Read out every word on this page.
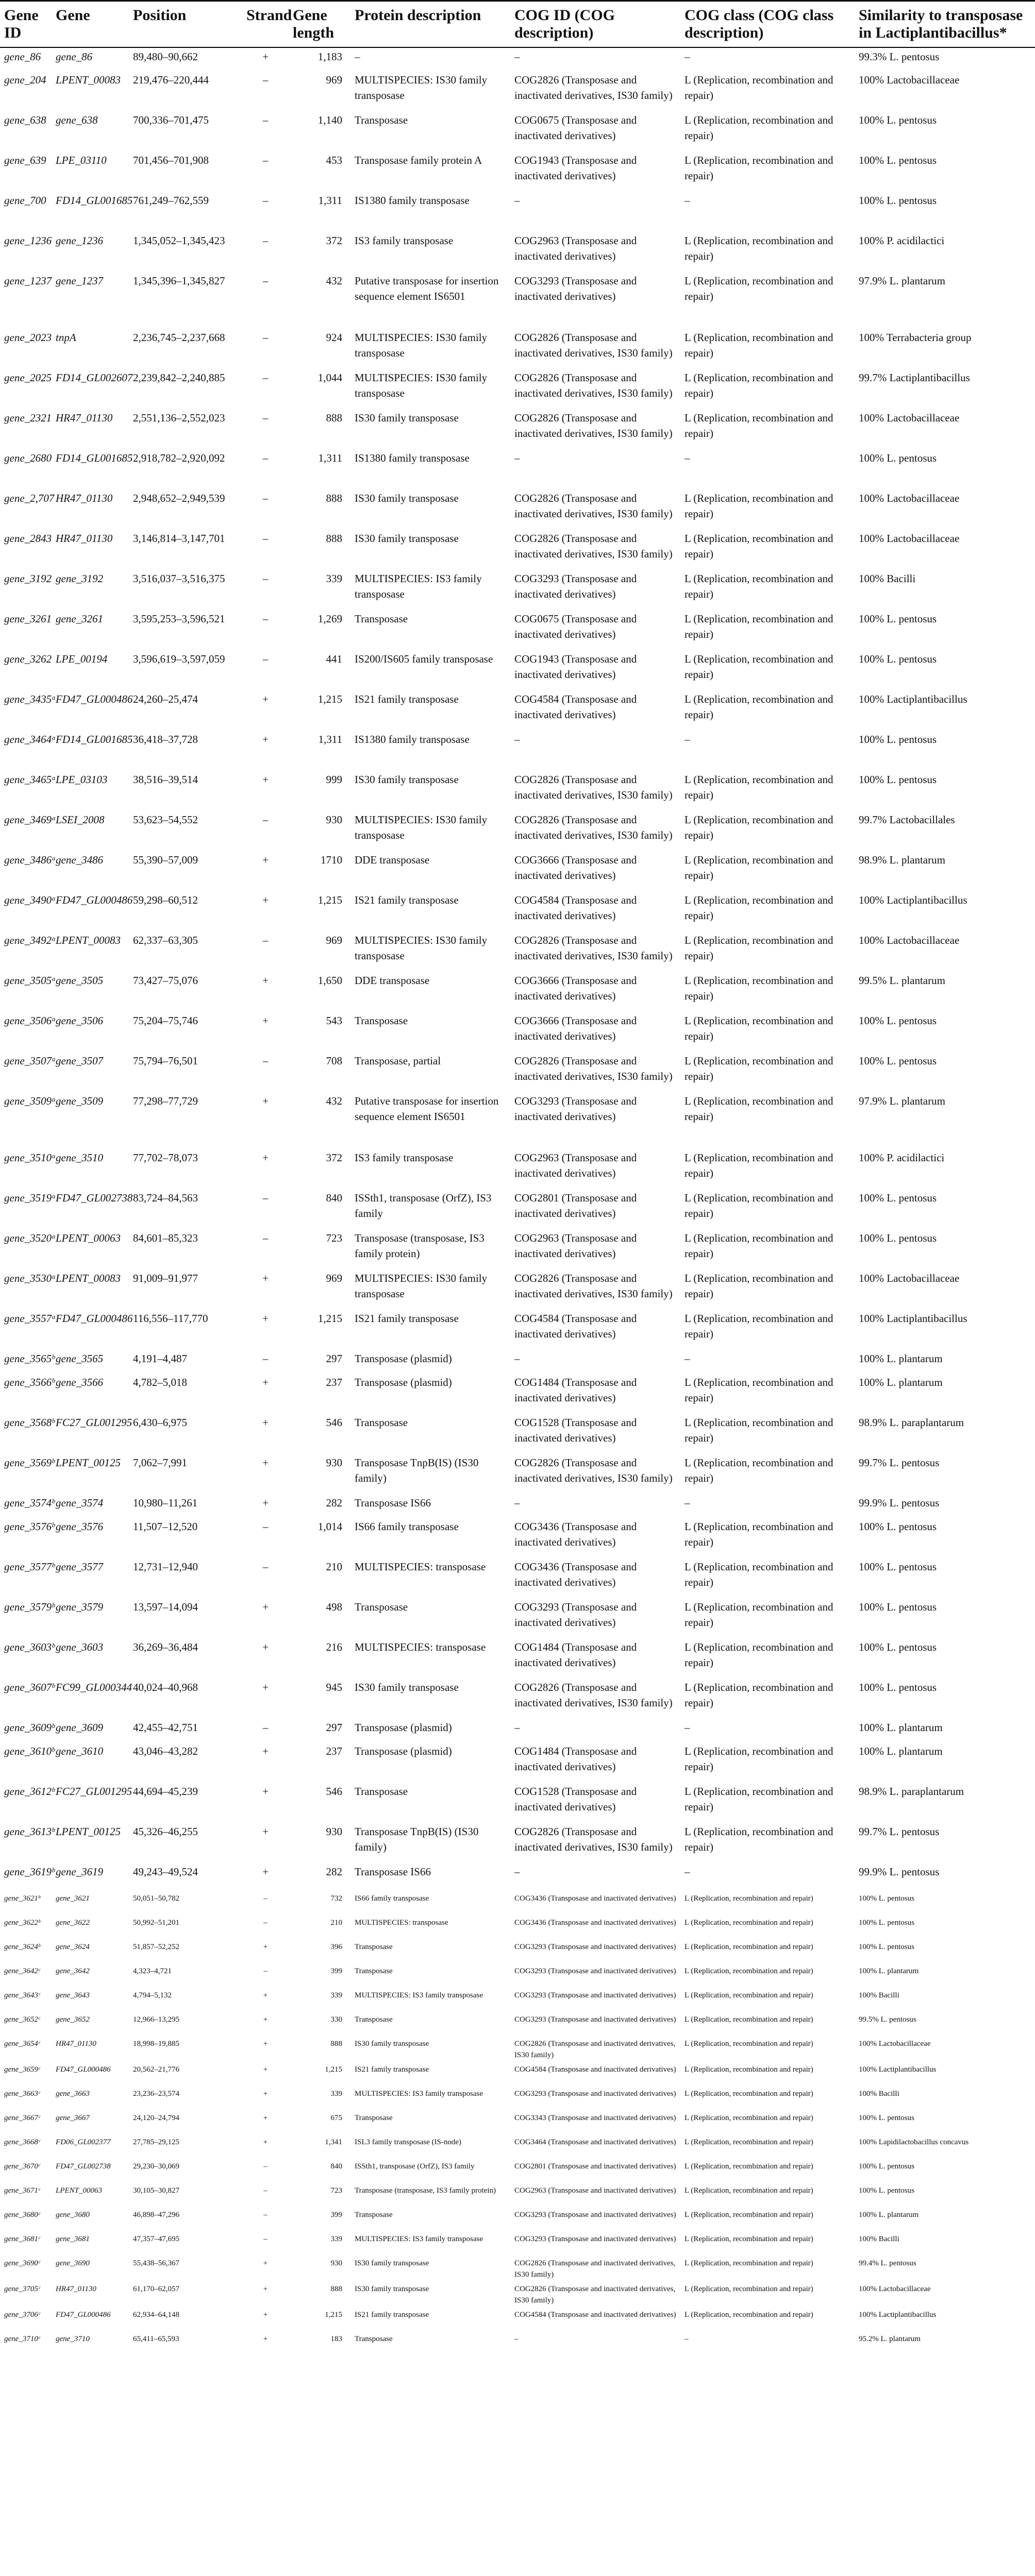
Gene ID	Gene	Position	Strand	Gene length	Protein description	COG ID (COG description)	COG class (COG class description)	Similarity to transposase in Lactiplantibacillus*
gene_86	gene_86	89,480–90,662	+	1,183	–	–	–	99.3% L. pentosus
gene_204	LPENT_00083	219,476–220,444	–	969	MULTISPECIES: IS30 family transposase	COG2826 (Transposase and inactivated derivatives, IS30 family)	L (Replication, recombination and repair)	100% Lactobacillaceae
gene_638	gene_638	700,336–701,475	–	1,140	Transposase	COG0675 (Transposase and inactivated derivatives)	L (Replication, recombination and repair)	100% L. pentosus
gene_639	LPE_03110	701,456–701,908	–	453	Transposase family protein A	COG1943 (Transposase and inactivated derivatives)	L (Replication, recombination and repair)	100% L. pentosus
gene_700	FD14_GL001685	761,249–762,559	–	1,311	IS1380 family transposase	–	–	100% L. pentosus
gene_1236	gene_1236	1,345,052–1,345,423	–	372	IS3 family transposase	COG2963 (Transposase and inactivated derivatives)	L (Replication, recombination and repair)	100% P. acidilactici
gene_1237	gene_1237	1,345,396–1,345,827	–	432	Putative transposase for insertion sequence element IS6501	COG3293 (Transposase and inactivated derivatives)	L (Replication, recombination and repair)	97.9% L. plantarum
gene_2023	tnpA	2,236,745–2,237,668	–	924	MULTISPECIES: IS30 family transposase	COG2826 (Transposase and inactivated derivatives, IS30 family)	L (Replication, recombination and repair)	100% Terrabacteria group
gene_2025	FD14_GL002607	2,239,842–2,240,885	–	1,044	MULTISPECIES: IS30 family transposase	COG2826 (Transposase and inactivated derivatives, IS30 family)	L (Replication, recombination and repair)	99.7% Lactiplantibacillus
gene_2321	HR47_01130	2,551,136–2,552,023	–	888	IS30 family transposase	COG2826 (Transposase and inactivated derivatives, IS30 family)	L (Replication, recombination and repair)	100% Lactobacillaceae
gene_2680	FD14_GL001685	2,918,782–2,920,092	–	1,311	IS1380 family transposase	–	–	100% L. pentosus
gene_2,707	HR47_01130	2,948,652–2,949,539	–	888	IS30 family transposase	COG2826 (Transposase and inactivated derivatives, IS30 family)	L (Replication, recombination and repair)	100% Lactobacillaceae
gene_2843	HR47_01130	3,146,814–3,147,701	–	888	IS30 family transposase	COG2826 (Transposase and inactivated derivatives, IS30 family)	L (Replication, recombination and repair)	100% Lactobacillaceae
gene_3192	gene_3192	3,516,037–3,516,375	–	339	MULTISPECIES: IS3 family transposase	COG3293 (Transposase and inactivated derivatives)	L (Replication, recombination and repair)	100% Bacilli
gene_3261	gene_3261	3,595,253–3,596,521	–	1,269	Transposase	COG0675 (Transposase and inactivated derivatives)	L (Replication, recombination and repair)	100% L. pentosus
gene_3262	LPE_00194	3,596,619–3,597,059	–	441	IS200/IS605 family transposase	COG1943 (Transposase and inactivated derivatives)	L (Replication, recombination and repair)	100% L. pentosus
gene_3435ᵃ	FD47_GL000486	24,260–25,474	+	1,215	IS21 family transposase	COG4584 (Transposase and inactivated derivatives)	L (Replication, recombination and repair)	100% Lactiplantibacillus
gene_3464ᵃ	FD14_GL001685	36,418–37,728	+	1,311	IS1380 family transposase	–	–	100% L. pentosus
gene_3465ᵃ	LPE_03103	38,516–39,514	+	999	IS30 family transposase	COG2826 (Transposase and inactivated derivatives, IS30 family)	L (Replication, recombination and repair)	100% L. pentosus
gene_3469ᵃ	LSEI_2008	53,623–54,552	–	930	MULTISPECIES: IS30 family transposase	COG2826 (Transposase and inactivated derivatives, IS30 family)	L (Replication, recombination and repair)	99.7% Lactobacillales
gene_3486ᵃ	gene_3486	55,390–57,009	+	1710	DDE transposase	COG3666 (Transposase and inactivated derivatives)	L (Replication, recombination and repair)	98.9% L. plantarum
gene_3490ᵃ	FD47_GL000486	59,298–60,512	+	1,215	IS21 family transposase	COG4584 (Transposase and inactivated derivatives)	L (Replication, recombination and repair)	100% Lactiplantibacillus
gene_3492ᵃ	LPENT_00083	62,337–63,305	–	969	MULTISPECIES: IS30 family transposase	COG2826 (Transposase and inactivated derivatives, IS30 family)	L (Replication, recombination and repair)	100% Lactobacillaceae
gene_3505ᵃ	gene_3505	73,427–75,076	+	1,650	DDE transposase	COG3666 (Transposase and inactivated derivatives)	L (Replication, recombination and repair)	99.5% L. plantarum
gene_3506ᵃ	gene_3506	75,204–75,746	+	543	Transposase	COG3666 (Transposase and inactivated derivatives)	L (Replication, recombination and repair)	100% L. pentosus
gene_3507ᵃ	gene_3507	75,794–76,501	–	708	Transposase, partial	COG2826 (Transposase and inactivated derivatives, IS30 family)	L (Replication, recombination and repair)	100% L. pentosus
gene_3509ᵃ	gene_3509	77,298–77,729	+	432	Putative transposase for insertion sequence element IS6501	COG3293 (Transposase and inactivated derivatives)	L (Replication, recombination and repair)	97.9% L. plantarum
gene_3510ᵃ	gene_3510	77,702–78,073	+	372	IS3 family transposase	COG2963 (Transposase and inactivated derivatives)	L (Replication, recombination and repair)	100% P. acidilactici
gene_3519ᵃ	FD47_GL002738	83,724–84,563	–	840	ISSth1, transposase (OrfZ), IS3 family	COG2801 (Transposase and inactivated derivatives)	L (Replication, recombination and repair)	100% L. pentosus
gene_3520ᵃ	LPENT_00063	84,601–85,323	–	723	Transposase (transposase, IS3 family protein)	COG2963 (Transposase and inactivated derivatives)	L (Replication, recombination and repair)	100% L. pentosus
gene_3530ᵃ	LPENT_00083	91,009–91,977	+	969	MULTISPECIES: IS30 family transposase	COG2826 (Transposase and inactivated derivatives, IS30 family)	L (Replication, recombination and repair)	100% Lactobacillaceae
gene_3557ᵃ	FD47_GL000486	116,556–117,770	+	1,215	IS21 family transposase	COG4584 (Transposase and inactivated derivatives)	L (Replication, recombination and repair)	100% Lactiplantibacillus
gene_3565ᵇ	gene_3565	4,191–4,487	–	297	Transposase (plasmid)	–	–	100% L. plantarum
gene_3566ᵇ	gene_3566	4,782–5,018	+	237	Transposase (plasmid)	COG1484 (Transposase and inactivated derivatives)	L (Replication, recombination and repair)	100% L. plantarum
gene_3568ᵇ	FC27_GL001295	6,430–6,975	+	546	Transposase	COG1528 (Transposase and inactivated derivatives)	L (Replication, recombination and repair)	98.9% L. paraplantarum
gene_3569ᵇ	LPENT_00125	7,062–7,991	+	930	Transposase TnpB(IS) (IS30 family)	COG2826 (Transposase and inactivated derivatives, IS30 family)	L (Replication, recombination and repair)	99.7% L. pentosus
gene_3574ᵇ	gene_3574	10,980–11,261	+	282	Transposase IS66	–	–	99.9% L. pentosus
gene_3576ᵇ	gene_3576	11,507–12,520	–	1,014	IS66 family transposase	COG3436 (Transposase and inactivated derivatives)	L (Replication, recombination and repair)	100% L. pentosus
gene_3577ᵇ	gene_3577	12,731–12,940	–	210	MULTISPECIES: transposase	COG3436 (Transposase and inactivated derivatives)	L (Replication, recombination and repair)	100% L. pentosus
gene_3579ᵇ	gene_3579	13,597–14,094	+	498	Transposase	COG3293 (Transposase and inactivated derivatives)	L (Replication, recombination and repair)	100% L. pentosus
gene_3603ᵇ	gene_3603	36,269–36,484	+	216	MULTISPECIES: transposase	COG1484 (Transposase and inactivated derivatives)	L (Replication, recombination and repair)	100% L. pentosus
gene_3607ᵇ	FC99_GL000344	40,024–40,968	+	945	IS30 family transposase	COG2826 (Transposase and inactivated derivatives, IS30 family)	L (Replication, recombination and repair)	100% L. pentosus
gene_3609ᵇ	gene_3609	42,455–42,751	–	297	Transposase (plasmid)	–	–	100% L. plantarum
gene_3610ᵇ	gene_3610	43,046–43,282	+	237	Transposase (plasmid)	COG1484 (Transposase and inactivated derivatives)	L (Replication, recombination and repair)	100% L. plantarum
gene_3612ᵇ	FC27_GL001295	44,694–45,239	+	546	Transposase	COG1528 (Transposase and inactivated derivatives)	L (Replication, recombination and repair)	98.9% L. paraplantarum
gene_3613ᵇ	LPENT_00125	45,326–46,255	+	930	Transposase TnpB(IS) (IS30 family)	COG2826 (Transposase and inactivated derivatives, IS30 family)	L (Replication, recombination and repair)	99.7% L. pentosus
gene_3619ᵇ	gene_3619	49,243–49,524	+	282	Transposase IS66	–	–	99.9% L. pentosus
gene_3621ᵇ	gene_3621	50,051–50,782	–	732	IS66 family transposase	COG3436 (Transposase and inactivated derivatives)	L (Replication, recombination and repair)	100% L. pentosus
gene_3622ᵇ	gene_3622	50,992–51,201	–	210	MULTISPECIES: transposase	COG3436 (Transposase and inactivated derivatives)	L (Replication, recombination and repair)	100% L. pentosus
gene_3624ᵇ	gene_3624	51,857–52,252	+	396	Transposase	COG3293 (Transposase and inactivated derivatives)	L (Replication, recombination and repair)	100% L. pentosus
gene_3642ᶜ	gene_3642	4,323–4,721	–	399	Transposase	COG3293 (Transposase and inactivated derivatives)	L (Replication, recombination and repair)	100% L. plantarum
gene_3643ᶜ	gene_3643	4,794–5,132	+	339	MULTISPECIES: IS3 family transposase	COG3293 (Transposase and inactivated derivatives)	L (Replication, recombination and repair)	100% Bacilli
gene_3652ᶜ	gene_3652	12,966–13,295	+	330	Transposase	COG3293 (Transposase and inactivated derivatives)	L (Replication, recombination and repair)	99.5% L. pentosus
gene_3654ᶜ	HR47_01130	18,998–19,885	+	888	IS30 family transposase	COG2826 (Transposase and inactivated derivatives, IS30 family)	L (Replication, recombination and repair)	100% Lactobacillaceae
gene_3659ᶜ	FD47_GL000486	20,562–21,776	+	1,215	IS21 family transposase	COG4584 (Transposase and inactivated derivatives)	L (Replication, recombination and repair)	100% Lactiplantibacillus
gene_3663ᶜ	gene_3663	23,236–23,574	+	339	MULTISPECIES: IS3 family transposase	COG3293 (Transposase and inactivated derivatives)	L (Replication, recombination and repair)	100% Bacilli
gene_3667ᶜ	gene_3667	24,120–24,794	+	675	Transposase	COG3343 (Transposase and inactivated derivatives)	L (Replication, recombination and repair)	100% L. pentosus
gene_3668ᶜ	FD06_GL002377	27,785–29,125	+	1,341	ISL3 family transposase (IS-node)	COG3464 (Transposase and inactivated derivatives)	L (Replication, recombination and repair)	100% Lapidilactobacillus concavus
gene_3670ᶜ	FD47_GL002738	29,230–30,069	–	840	ISSth1, transposase (OrfZ), IS3 family	COG2801 (Transposase and inactivated derivatives)	L (Replication, recombination and repair)	100% L. pentosus
gene_3671ᶜ	LPENT_00063	30,105–30,827	–	723	Transposase (transposase, IS3 family protein)	COG2963 (Transposase and inactivated derivatives)	L (Replication, recombination and repair)	100% L. pentosus
gene_3680ᶜ	gene_3680	46,898–47,296	–	399	Transposase	COG3293 (Transposase and inactivated derivatives)	L (Replication, recombination and repair)	100% L. plantarum
gene_3681ᶜ	gene_3681	47,357–47,695	–	339	MULTISPECIES: IS3 family transposase	COG3293 (Transposase and inactivated derivatives)	L (Replication, recombination and repair)	100% Bacilli
gene_3690ᶜ	gene_3690	55,438–56,367	+	930	IS30 family transposase	COG2826 (Transposase and inactivated derivatives, IS30 family)	L (Replication, recombination and repair)	99.4% L. pentosus
gene_3705ᶜ	HR47_01130	61,170–62,057	+	888	IS30 family transposase	COG2826 (Transposase and inactivated derivatives, IS30 family)	L (Replication, recombination and repair)	100% Lactobacillaceae
gene_3706ᶜ	FD47_GL000486	62,934–64,148	+	1,215	IS21 family transposase	COG4584 (Transposase and inactivated derivatives)	L (Replication, recombination and repair)	100% Lactiplantibacillus
gene_3710ᶜ	gene_3710	65,411–65,593	+	183	Transposase	–	–	95.2% L. plantarum
